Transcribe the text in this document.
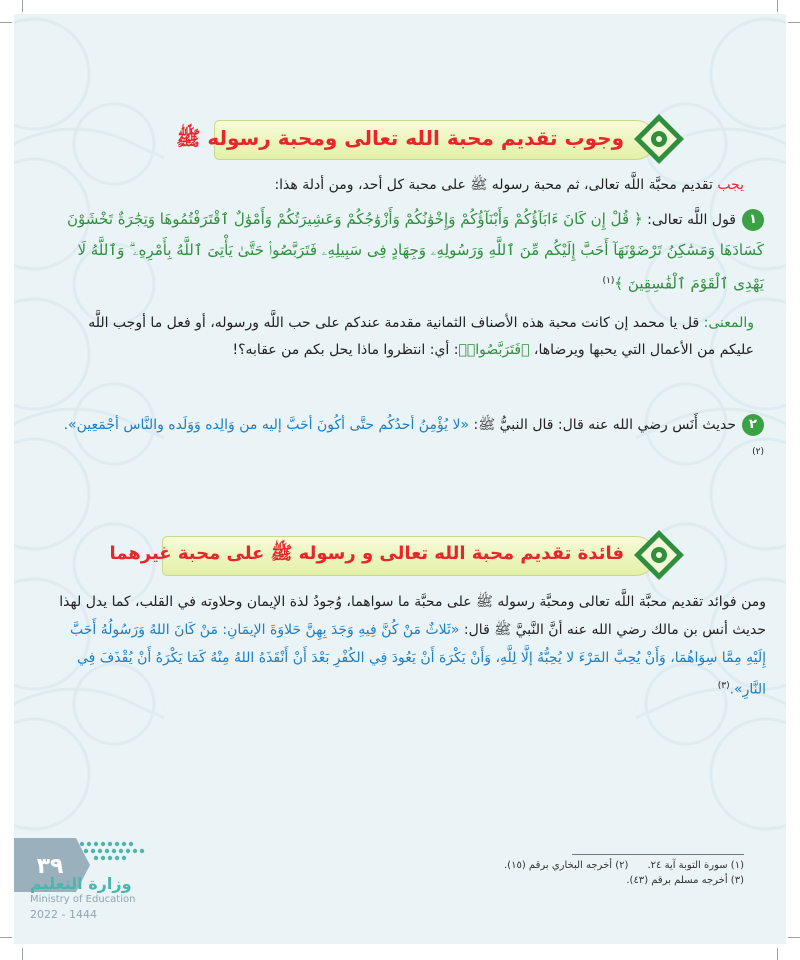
وجوب تقديم محبة الله تعالى ومحبة رسوله ﷺ
يجب تقديم محبَّة اللَّه تعالى، ثم محبة رسوله ﷺ على محبة كل أحد، ومن أدلة هذا:
١قول اللَّه تعالى: ﴿ قُلْ إِن كَانَ ءَابَآؤُكُمْ وَأَبْنَآؤُكُمْ وَإِخْوَٰنُكُمْ وَأَزْوَٰجُكُمْ وَعَشِيرَتُكُمْ وَأَمْوَٰلٌ ٱقْتَرَفْتُمُوهَا وَتِجَٰرَةٌ تَخْشَوْنَ كَسَادَهَا وَمَسَٰكِنُ تَرْضَوْنَهَآ أَحَبَّ إِلَيْكُم مِّنَ ٱللَّهِ وَرَسُولِهِۦ وَجِهَادٍ فِى سَبِيلِهِۦ فَتَرَبَّصُوا۟ حَتَّىٰ يَأْتِىَ ٱللَّهُ بِأَمْرِهِۦ ۗ وَٱللَّهُ لَا يَهْدِى ٱلْقَوْمَ ٱلْفَٰسِقِينَ ﴾$^{(١)}$
والمعنى: قل يا محمد إن كانت محبة هذه الأصناف الثمانية مقدمة عندكم على حب اللَّه ورسوله، أو فعل ما أوجب اللَّه عليكم من الأعمال التي يحبها ويرضاها، ﴿فَتَرَبَّصُوا۟﴾: أي: انتظروا ماذا يحل بكم من عقابه؟!
٢حديث أَنَس رضي الله عنه قال: قال النبيُّ ﷺ: «لا يُؤْمِنُ أحدُكُم حتَّى أكُونَ أحَبَّ إليه من وَالِده وَوَلَده والنَّاس أجْمَعِين».$^{(٢)}$
فائدة تقديم محبة الله تعالى و رسوله ﷺ على محبة غيرهما
ومن فوائد تقديم محبَّة اللَّه تعالى ومحبَّة رسوله ﷺ على محبَّة ما سواهما، وُجودُ لذة الإيمان وحلاوته في القلب، كما يدل لهذا حديث أنس بن مالك رضي الله عنه أنَّ النَّبيَّ ﷺ قال: «ثَلاثٌ مَنْ كُنَّ فِيهِ وَجَدَ بِهِنَّ حَلاوَةَ الإيمَانِ: مَنْ كَانَ اللهُ وَرَسُولُهُ أَحَبَّ إِلَيْهِ مِمَّا سِوَاهُمَا، وَأَنْ يُحِبَّ المَرْءَ لا يُحِبُّهُ إلَّا لِلَّهِ، وَأَنْ يَكْرَهَ أَنْ يَعُودَ فِي الكُفْرِ بَعْدَ أَنْ أَنْقَذَهُ اللهُ مِنْهُ كَمَا يَكْرَهُ أَنْ يُقْذَفَ فِي النَّارِ».$^{(٣)}$
(١) سورة التوبة آية ٢٤.      (٢) أخرجه البخاري برقم (١٥).
(٣) أخرجه مسلم برقم (٤٣).
٣٩
وزارة التعليم
Ministry of Education
2022 - 1444
